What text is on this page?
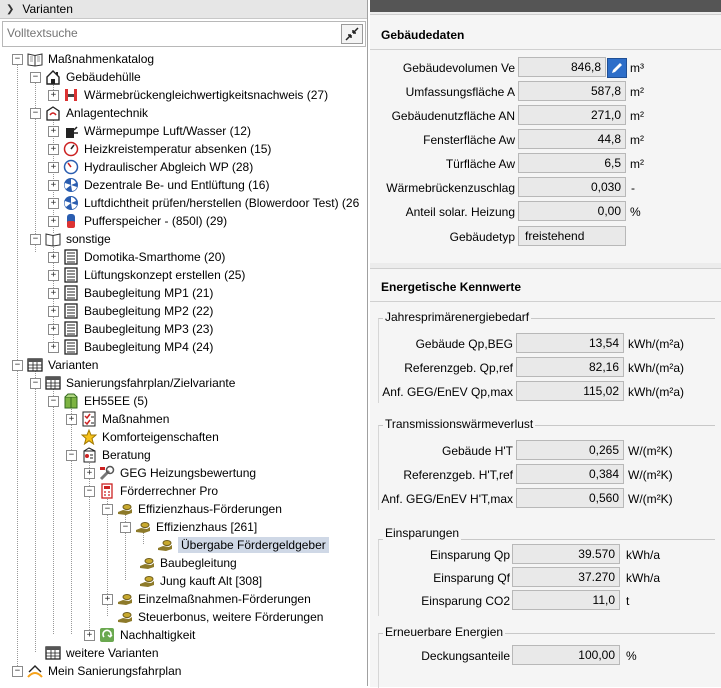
❯ Varianten
Volltextsuche
− Maßnahmenkatalog
− Gebäudehülle
+ Wärmebrückengleichwertigkeitsnachweis (27)
− Anlagentechnik
+ Wärmepumpe Luft/Wasser (12)
+ Heizkreistemperatur absenken (15)
+ Hydraulischer Abgleich WP (28)
+ Dezentrale Be- und Entlüftung (16)
+ Luftdichtheit prüfen/herstellen (Blowerdoor Test) (26
+ Pufferspeicher - (850l) (29)
− sonstige
+ Domotika-Smarthome (20)
+ Lüftungskonzept erstellen (25)
+ Baubegleitung MP1 (21)
+ Baubegleitung MP2 (22)
+ Baubegleitung MP3 (23)
+ Baubegleitung MP4 (24)
− Varianten
− Sanierungsfahrplan/Zielvariante
− EH55EE (5)
+ Maßnahmen
Komforteigenschaften
− Beratung
+ GEG Heizungsbewertung
− Förderrechner Pro
− Effizienzhaus-Förderungen
− Effizienzhaus [261]
Übergabe Fördergeldgeber
Baubegleitung
Jung kauft Alt [308]
+ Einzelmaßnahmen-Förderungen
Steuerbonus, weitere Förderungen
+ Nachhaltigkeit
weitere Varianten
− Mein Sanierungsfahrplan
Gebäudedaten
Gebäudevolumen Ve	846,8	m³
Umfassungsfläche A	587,8 m²
Gebäudenutzfläche AN	271,0 m²
Fensterfläche Aw	44,8 m²
Türfläche Aw	6,5 m²
Wärmebrückenzuschlag	0,030 -
Anteil solar. Heizung	0,00 %
Gebäudetyp freistehend
Energetische Kennwerte
Jahresprimärenergiebedarf
Gebäude Qp,BEG	13,54 kWh/(m²a)
Referenzgeb. Qp,ref	82,16 kWh/(m²a)
Anf. GEG/EnEV Qp,max	115,02 kWh/(m²a)
Transmissionswärmeverlust
Gebäude H'T	0,265 W/(m²K)
Referenzgeb. H'T,ref	0,384 W/(m²K)
Anf. GEG/EnEV H'T,max	0,560 W/(m²K)
Einsparungen
Einsparung Qp	39.570 kWh/a
Einsparung Qf	37.270 kWh/a
Einsparung CO2	11,0 t
Erneuerbare Energien
Deckungsanteile	100,00 %
